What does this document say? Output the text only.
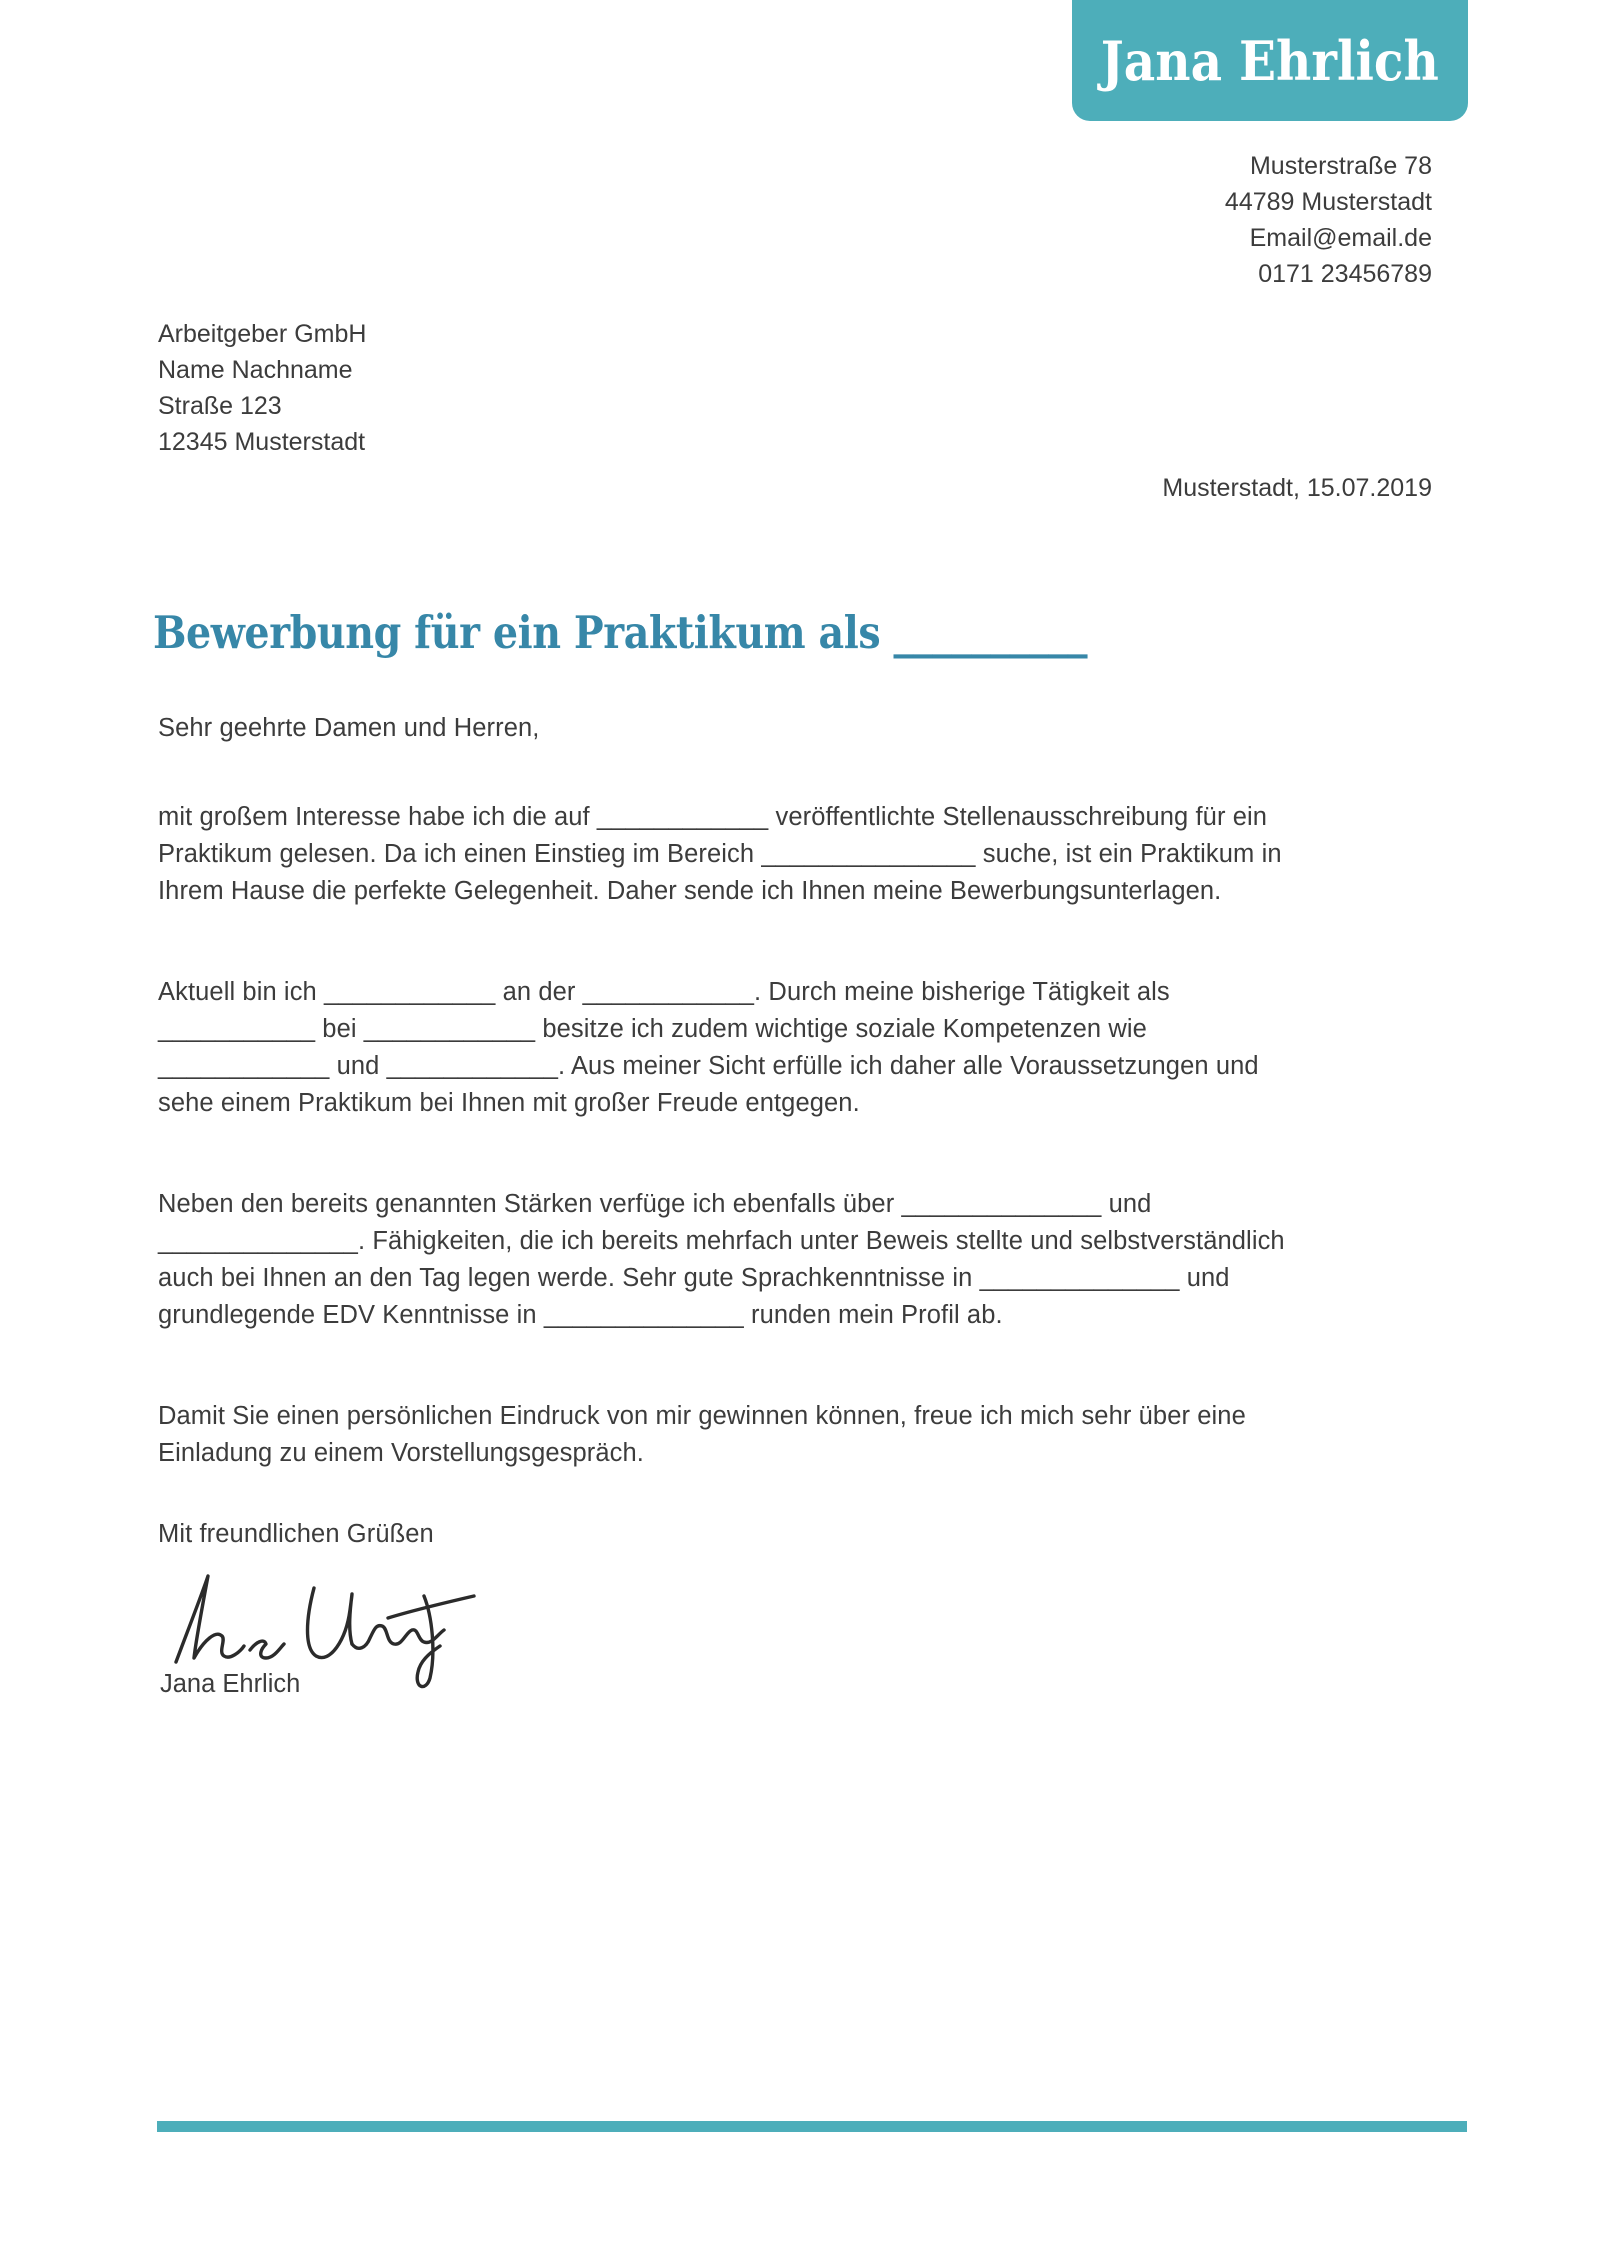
Jana Ehrlich
Musterstraße 78
44789 Musterstadt
Email@email.de
0171 23456789
Arbeitgeber GmbH
Name Nachname
Straße 123
12345 Musterstadt
Musterstadt, 15.07.2019
Bewerbung für ein Praktikum als __________
Sehr geehrte Damen und Herren,
mit großem Interesse habe ich die auf ____________ veröffentlichte Stellenausschreibung für ein
Praktikum gelesen. Da ich einen Einstieg im Bereich _______________ suche, ist ein Praktikum in
Ihrem Hause die perfekte Gelegenheit. Daher sende ich Ihnen meine Bewerbungsunterlagen.
Aktuell bin ich ____________ an der ____________. Durch meine bisherige Tätigkeit als
___________ bei ____________ besitze ich zudem wichtige soziale Kompetenzen wie
____________ und ____________. Aus meiner Sicht erfülle ich daher alle Voraussetzungen und
sehe einem Praktikum bei Ihnen mit großer Freude entgegen.
Neben den bereits genannten Stärken verfüge ich ebenfalls über ______________ und
______________. Fähigkeiten, die ich bereits mehrfach unter Beweis stellte und selbstverständlich
auch bei Ihnen an den Tag legen werde. Sehr gute Sprachkenntnisse in ______________ und
grundlegende EDV Kenntnisse in ______________ runden mein Profil ab.
Damit Sie einen persönlichen Eindruck von mir gewinnen können, freue ich mich sehr über eine
Einladung zu einem Vorstellungsgespräch.
Mit freundlichen Grüßen
Jana Ehrlich
